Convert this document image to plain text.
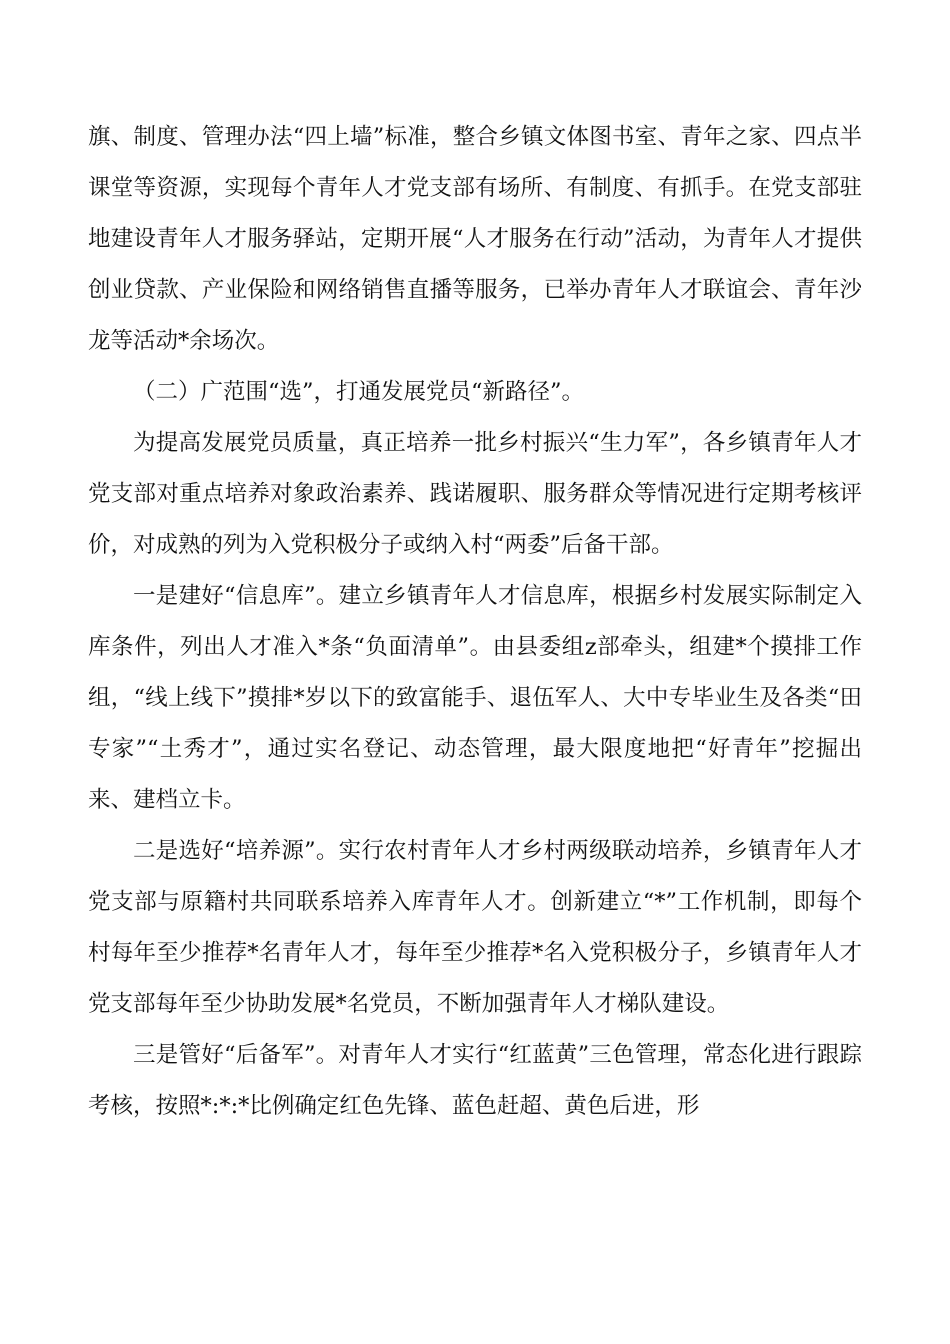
旗、制度、管理办法“四上墙”标准，整合乡镇文体图书室、青年之家、四点半课堂等资源，实现每个青年人才党支部有场所、有制度、有抓手。在党支部驻地建设青年人才服务驿站，定期开展“人才服务在行动”活动，为青年人才提供创业贷款、产业保险和网络销售直播等服务，已举办青年人才联谊会、青年沙龙等活动*余场次。

（二）广范围“选”，打通发展党员“新路径”。

为提高发展党员质量，真正培养一批乡村振兴“生力军”，各乡镇青年人才党支部对重点培养对象政治素养、践诺履职、服务群众等情况进行定期考核评价，对成熟的列为入党积极分子或纳入村“两委”后备干部。

一是建好“信息库”。建立乡镇青年人才信息库，根据乡村发展实际制定入库条件，列出人才准入*条“负面清单”。由县委组z部牵头，组建*个摸排工作组，“线上线下”摸排*岁以下的致富能手、退伍军人、大中专毕业生及各类“田专家”“土秀才”，通过实名登记、动态管理，最大限度地把“好青年”挖掘出来、建档立卡。

二是选好“培养源”。实行农村青年人才乡村两级联动培养，乡镇青年人才党支部与原籍村共同联系培养入库青年人才。创新建立“*”工作机制，即每个村每年至少推荐*名青年人才，每年至少推荐*名入党积极分子，乡镇青年人才党支部每年至少协助发展*名党员，不断加强青年人才梯队建设。

三是管好“后备军”。对青年人才实行“红蓝黄”三色管理，常态化进行跟踪考核，按照*:*:*比例确定红色先锋、蓝色赶超、黄色后进，形
